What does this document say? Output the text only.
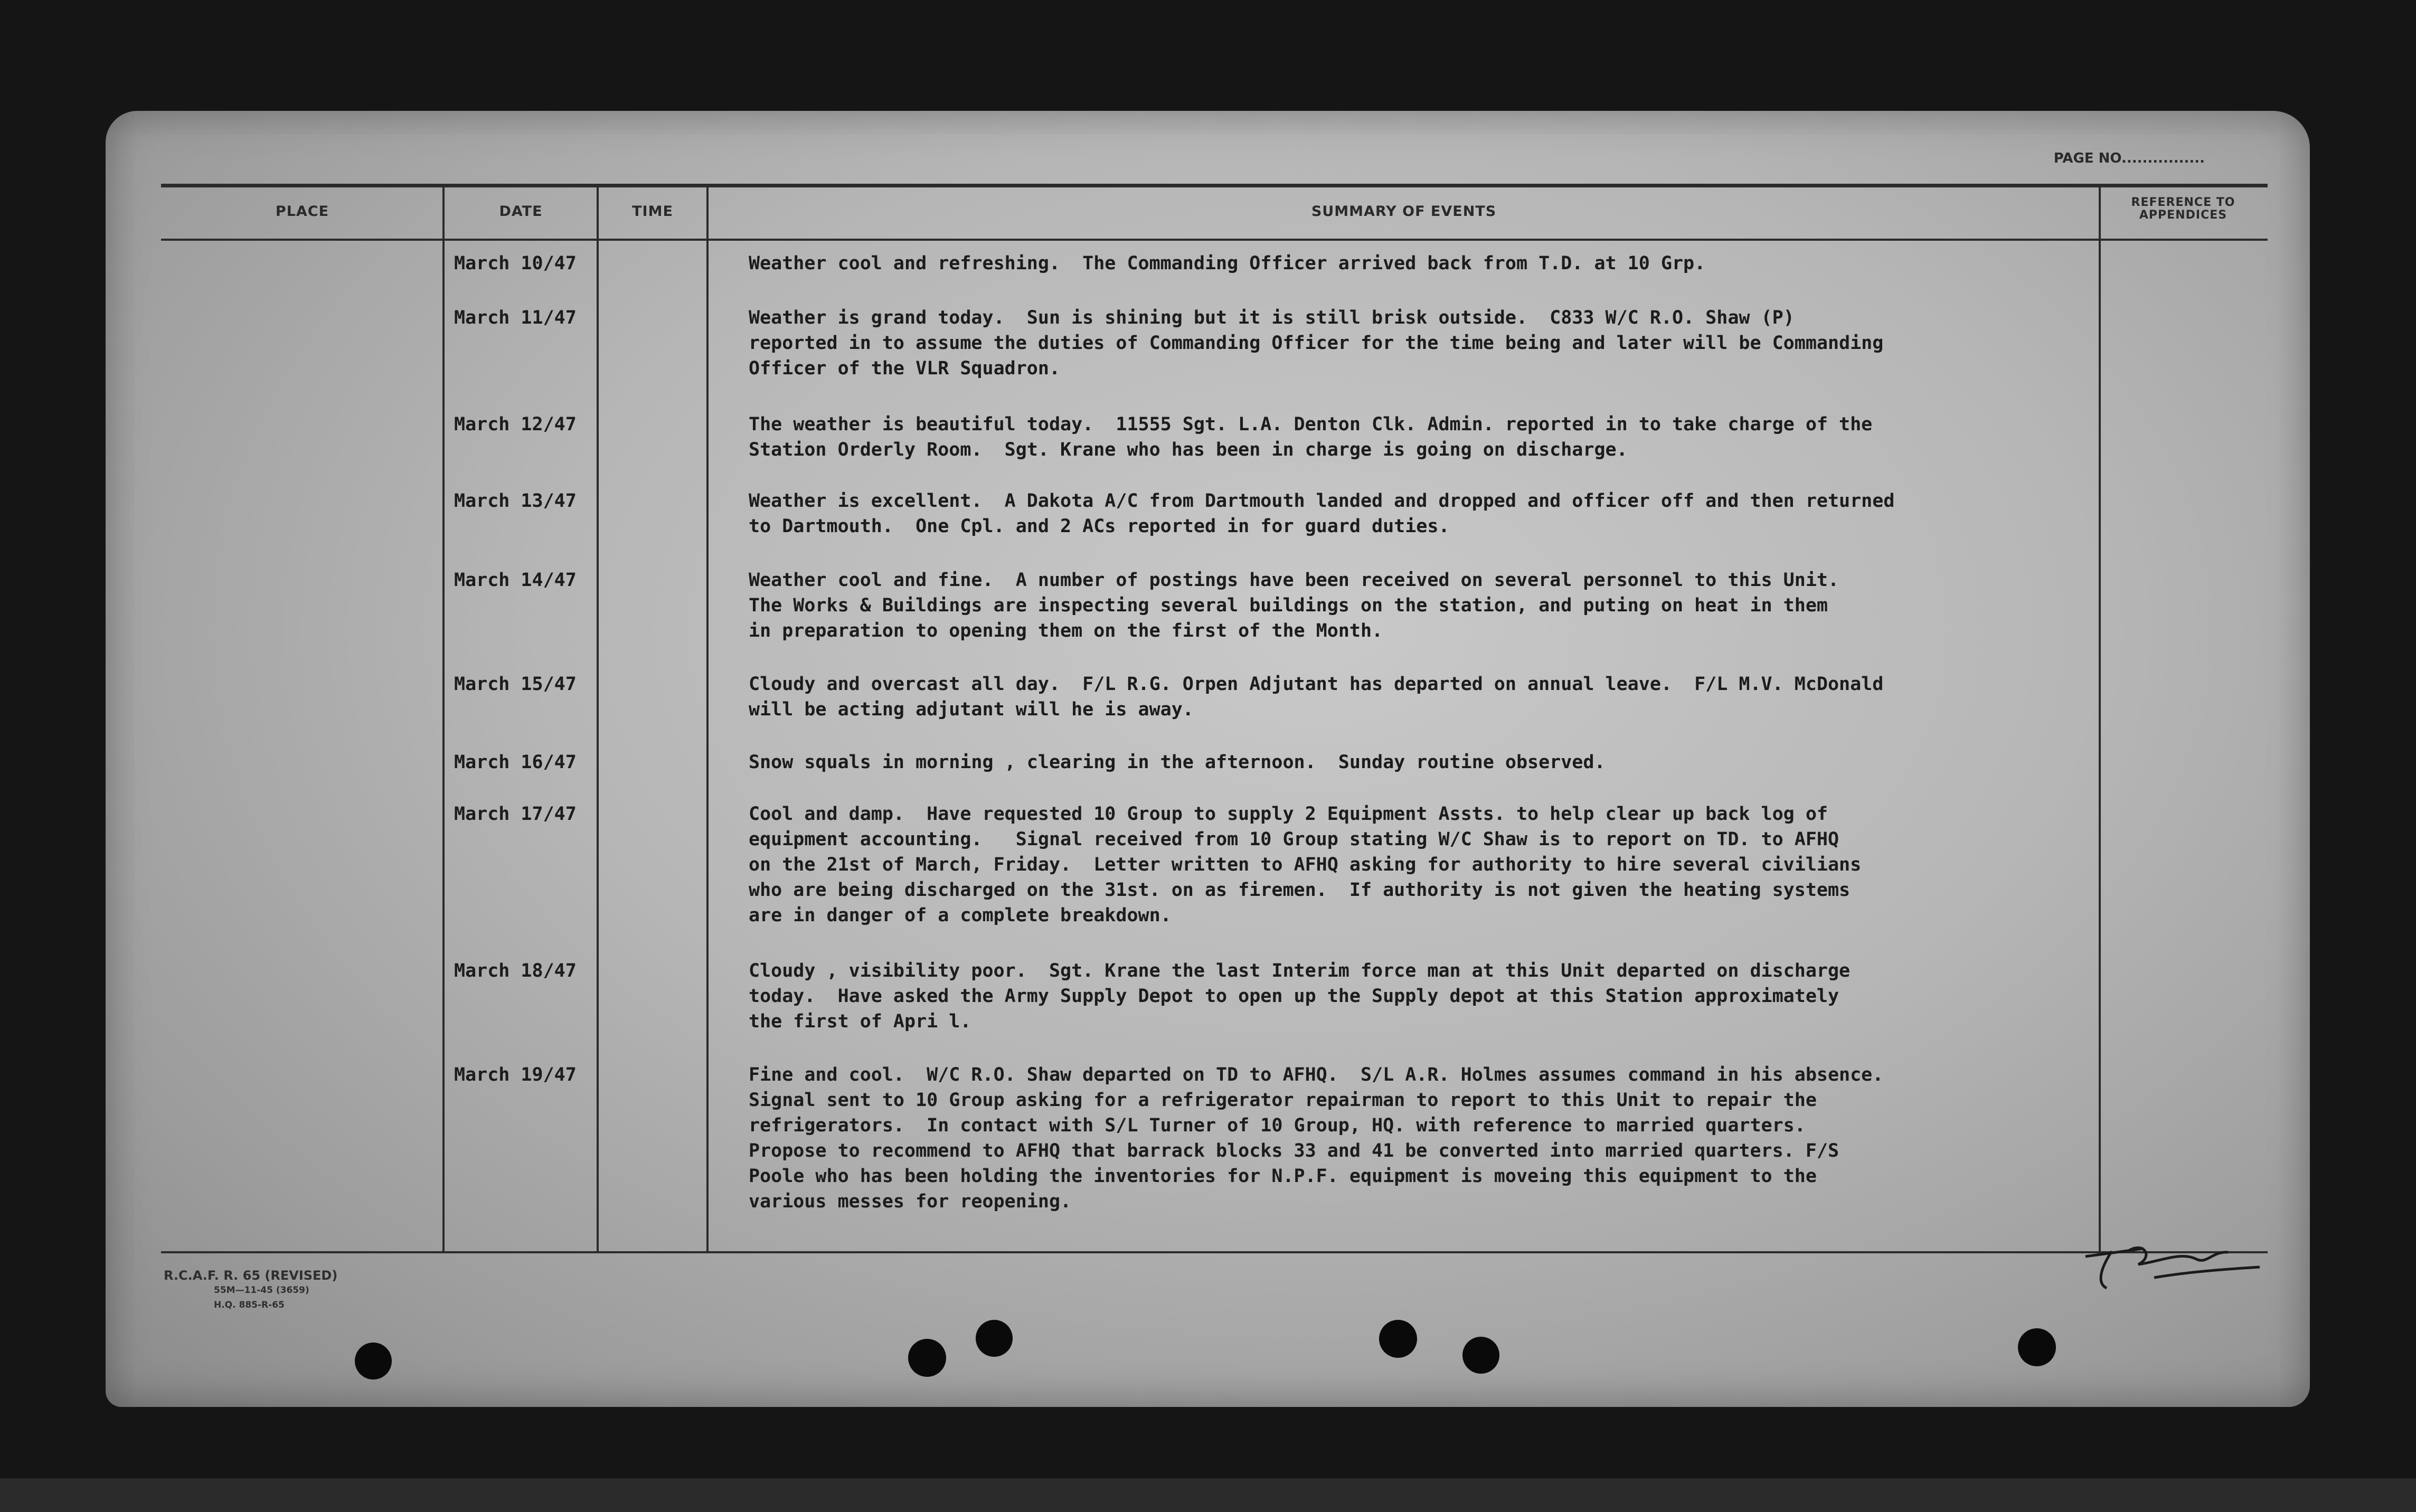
PAGE NO................
PLACE	DATE	TIME	SUMMARY OF EVENTS
REFERENCE TO APPENDICES
March 10/47	Weather cool and refreshing.  The Commanding Officer arrived back from T.D. at 10 Grp.
March 11/47	Weather is grand today.  Sun is shining but it is still brisk outside.  C833 W/C R.O. Shaw (P)
reported in to assume the duties of Commanding Officer for the time being and later will be Commanding
Officer of the VLR Squadron.
March 12/47	The weather is beautiful today.  11555 Sgt. L.A. Denton Clk. Admin. reported in to take charge of the
Station Orderly Room.  Sgt. Krane who has been in charge is going on discharge.
March 13/47	Weather is excellent.  A Dakota A/C from Dartmouth landed and dropped and officer off and then returned
to Dartmouth.  One Cpl. and 2 ACs reported in for guard duties.
March 14/47	Weather cool and fine.  A number of postings have been received on several personnel to this Unit.
The Works & Buildings are inspecting several buildings on the station, and puting on heat in them
in preparation to opening them on the first of the Month.
March 15/47	Cloudy and overcast all day.  F/L R.G. Orpen Adjutant has departed on annual leave.  F/L M.V. McDonald
will be acting adjutant will he is away.
March 16/47	Snow squals in morning , clearing in the afternoon.  Sunday routine observed.
March 17/47	Cool and damp.  Have requested 10 Group to supply 2 Equipment Assts. to help clear up back log of
equipment accounting.   Signal received from 10 Group stating W/C Shaw is to report on TD. to AFHQ
on the 21st of March, Friday.  Letter written to AFHQ asking for authority to hire several civilians
who are being discharged on the 31st. on as firemen.  If authority is not given the heating systems
are in danger of a complete breakdown.
March 18/47	Cloudy , visibility poor.  Sgt. Krane the last Interim force man at this Unit departed on discharge
today.  Have asked the Army Supply Depot to open up the Supply depot at this Station approximately
the first of Apri l.
March 19/47	Fine and cool.  W/C R.O. Shaw departed on TD to AFHQ.  S/L A.R. Holmes assumes command in his absence.
Signal sent to 10 Group asking for a refrigerator repairman to report to this Unit to repair the
refrigerators.  In contact with S/L Turner of 10 Group, HQ. with reference to married quarters.
Propose to recommend to AFHQ that barrack blocks 33 and 41 be converted into married quarters. F/S
Poole who has been holding the inventories for N.P.F. equipment is moveing this equipment to the
various messes for reopening.
R.C.A.F. R. 65 (REVISED)
55M—11-45 (3659)
H.Q. 885-R-65
